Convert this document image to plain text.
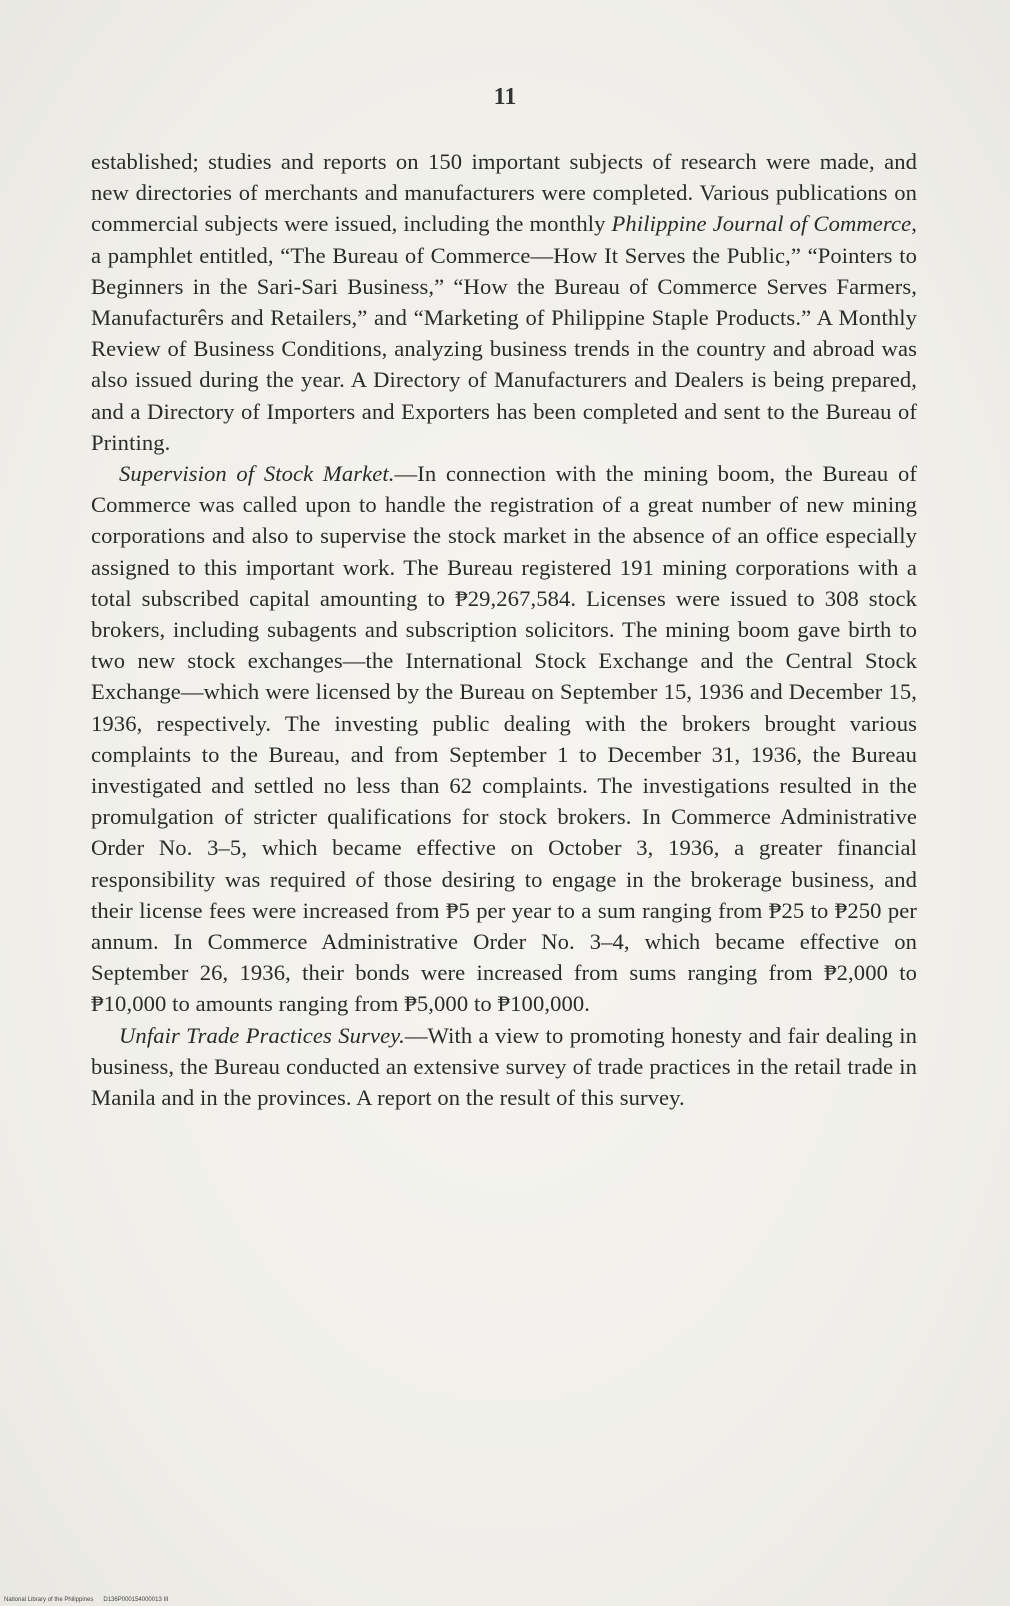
11

established; studies and reports on 150 important subjects of research were made, and new directories of merchants and manufacturers were completed. Various publications on commercial subjects were issued, including the monthly Philippine Journal of Commerce, a pamphlet entitled, “The Bureau of Commerce—How It Serves the Public,” “Pointers to Beginners in the Sari-Sari Business,” “How the Bureau of Commerce Serves Farmers, Manufacturêrs and Retailers,” and “Marketing of Philippine Staple Products.” A Monthly Review of Business Conditions, analyzing business trends in the country and abroad was also issued during the year. A Directory of Manufacturers and Dealers is being prepared, and a Directory of Importers and Exporters has been completed and sent to the Bureau of Printing.

Supervision of Stock Market.—In connection with the mining boom, the Bureau of Commerce was called upon to handle the registration of a great number of new mining corporations and also to supervise the stock market in the absence of an office especially assigned to this important work. The Bureau registered 191 mining corporations with a total subscribed capital amounting to ₱29,267,584. Licenses were issued to 308 stock brokers, including subagents and subscription solicitors. The mining boom gave birth to two new stock exchanges—the International Stock Exchange and the Central Stock Exchange—which were licensed by the Bureau on September 15, 1936 and December 15, 1936, respectively. The investing public dealing with the brokers brought various complaints to the Bureau, and from September 1 to December 31, 1936, the Bureau investigated and settled no less than 62 complaints. The investigations resulted in the promulgation of stricter qualifications for stock brokers. In Commerce Administrative Order No. 3–5, which became effective on October 3, 1936, a greater financial responsibility was required of those desiring to engage in the brokerage business, and their license fees were increased from ₱5 per year to a sum ranging from ₱25 to ₱250 per annum. In Commerce Administrative Order No. 3–4, which became effective on September 26, 1936, their bonds were increased from sums ranging from ₱2,000 to ₱10,000 to amounts ranging from ₱5,000 to ₱100,000.

Unfair Trade Practices Survey.—With a view to promoting honesty and fair dealing in business, the Bureau conducted an extensive survey of trade practices in the retail trade in Manila and in the provinces. A report on the result of this survey.

National Library of the Philippines D136P000154000013 III
